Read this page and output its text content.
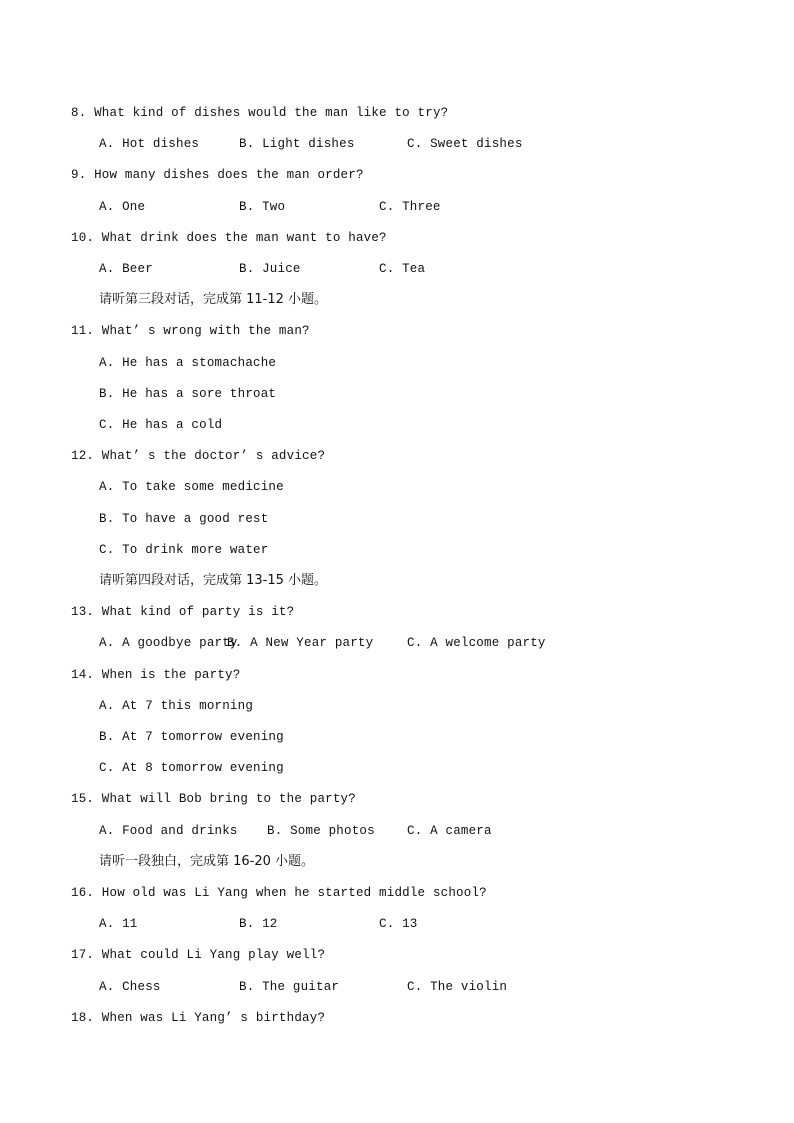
8. What kind of dishes would the man like to try?
A. Hot dishes	B. Light dishes	C. Sweet dishes
9. How many dishes does the man order?
A. One	B. Two	C. Three
10. What drink does the man want to have?
A. Beer	B. Juice	C. Tea
请听第三段对话，完成第 11-12 小题。
11. What’ s wrong with the man?
A. He has a stomachache
B. He has a sore throat
C. He has a cold
12. What’ s the doctor’ s advice?
A. To take some medicine
B. To have a good rest
C. To drink more water
请听第四段对话，完成第 13-15 小题。
13. What kind of party is it?
A. A goodbye party
B. A New Year party	C. A welcome party
14. When is the party?
A. At 7 this morning
B. At 7 tomorrow evening
C. At 8 tomorrow evening
15. What will Bob bring to the party?
A. Food and drinks B. Some photos	C. A camera
请听一段独白，完成第 16-20 小题。
16. How old was Li Yang when he started middle school?
A. 11	B. 12	C. 13
17. What could Li Yang play well?
A. Chess	B. The guitar	C. The violin
18. When was Li Yang’ s birthday?
